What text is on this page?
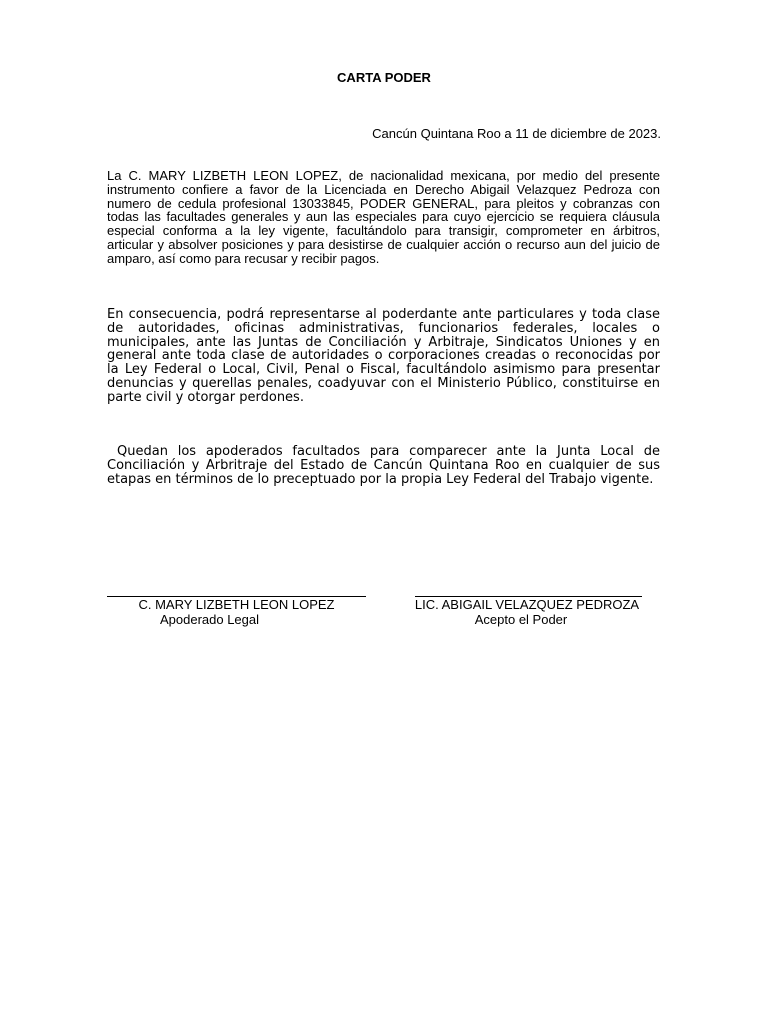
CARTA PODER
Cancún Quintana Roo a 11 de diciembre de 2023.

La C. MARY LIZBETH LEON LOPEZ, de nacionalidad mexicana, por medio del presente instrumento confiere a favor de la Licenciada en Derecho Abigail Velazquez Pedroza con numero de cedula profesional 13033845, PODER GENERAL, para pleitos y cobranzas con todas las facultades generales y aun las especiales para cuyo ejercicio se requiera cláusula especial conforma a la ley vigente, facultándolo para transigir, comprometer en árbitros, articular y absolver posiciones y para desistirse de cualquier acción o recurso aun del juicio de amparo, así como para recusar y recibir pagos.

En consecuencia, podrá representarse al poderdante ante particulares y toda clase de autoridades, oficinas administrativas, funcionarios federales, locales o municipales, ante las Juntas de Conciliación y Arbitraje, Sindicatos Uniones y en general ante toda clase de autoridades o corporaciones creadas o reconocidas por la Ley Federal o Local, Civil, Penal o Fiscal, facultándolo asimismo para presentar denuncias y querellas penales, coadyuvar con el Ministerio Público, constituirse en parte civil y otorgar perdones.

Quedan los apoderados facultados para comparecer ante la Junta Local de Conciliación y Arbritraje del Estado de Cancún Quintana Roo en cualquier de sus etapas en términos de lo preceptuado por la propia Ley Federal del Trabajo vigente.

C. MARY LIZBETH LEON LOPEZ
Apoderado Legal
LIC. ABIGAIL VELAZQUEZ PEDROZA
Acepto el Poder
